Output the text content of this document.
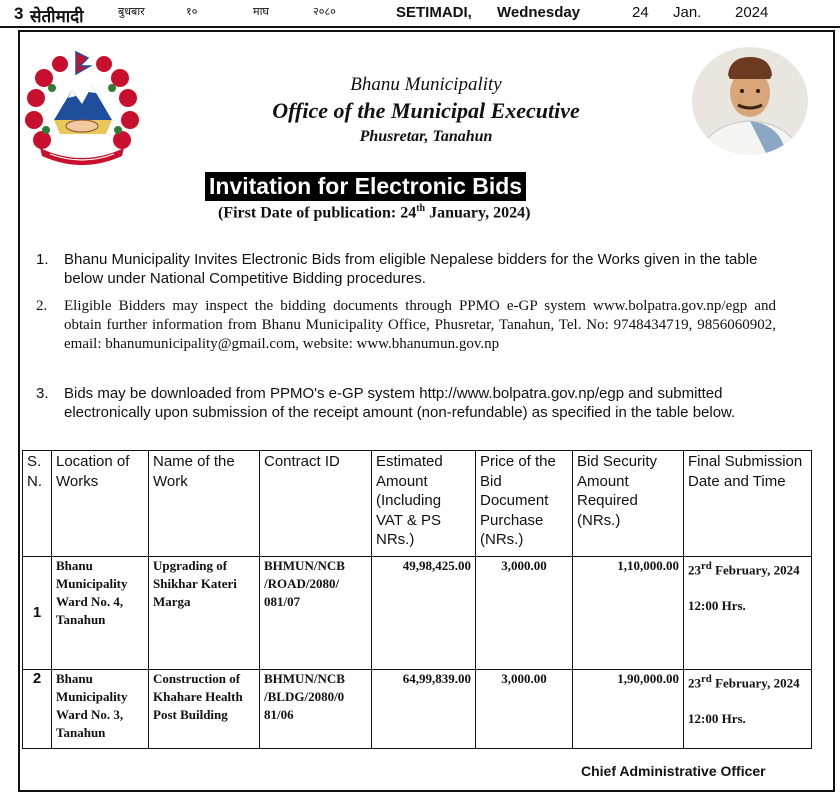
3 सेतीमादी	बुधबार	१०	माघ	२०८०	SETIMADI, Wednesday	24 Jan. 2024
Bhanu Municipality
Office of the Municipal Executive
Phusretar, Tanahun
Invitation for Electronic Bids
(First Date of publication: 24th January, 2024)
1. Bhanu Municipality Invites Electronic Bids from eligible Nepalese bidders for the Works given in the table below under National Competitive Bidding procedures.
2. Eligible Bidders may inspect the bidding documents through PPMO e-GP system www.bolpatra.gov.np/egp and obtain further information from Bhanu Municipality Office, Phusretar, Tanahun, Tel. No: 9748434719, 9856060902, email: bhanumunicipality@gmail.com, website: www.bhanumun.gov.np
3. Bids may be downloaded from PPMO's e-GP system http://www.bolpatra.gov.np/egp and submitted electronically upon submission of the receipt amount (non-refundable) as specified in the table below.
S. N.	Location of Works	Name of the Work	Contract ID	Estimated Amount (Including VAT & PS NRs.)	Price of the Bid Document Purchase (NRs.)	Bid Security Amount Required (NRs.)	Final Submission Date and Time
1	Bhanu Municipality Ward No. 4, Tanahun	Upgrading of Shikhar Kateri Marga	BHMUN/NCB /ROAD/2080/ 081/07	49,98,425.00	3,000.00	1,10,000.00	23rd February, 2024
12:00 Hrs.
2	Bhanu Municipality Ward No. 3, Tanahun	Construction of Khahare Health Post Building	BHMUN/NCB /BLDG/2080/0 81/06	64,99,839.00	3,000.00	1,90,000.00	23rd February, 2024
12:00 Hrs.
Chief Administrative Officer
